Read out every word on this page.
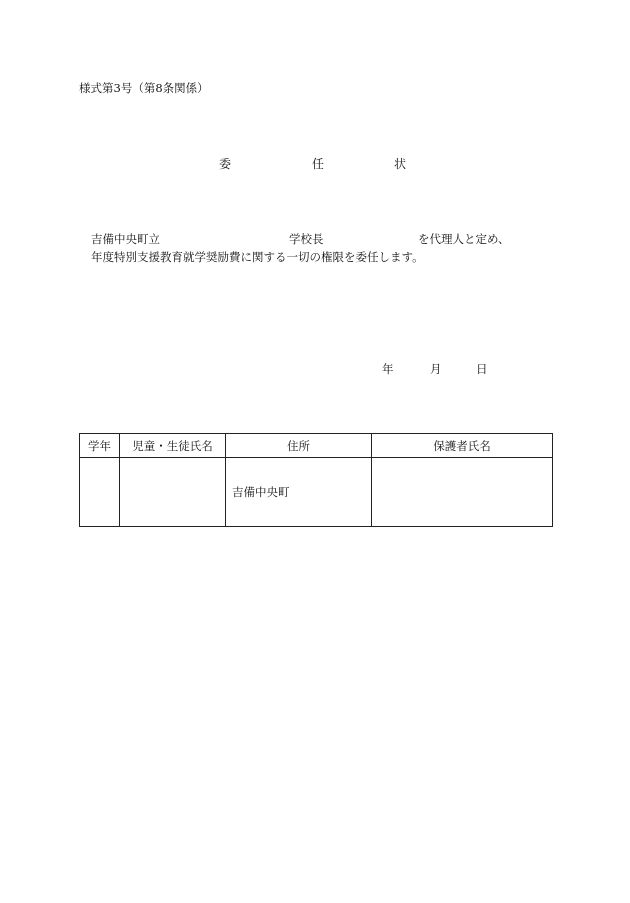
様式第3号（第8条関係）
委	任	状
吉備中央町立	学校長	を代理人と定め、
年度特別支援教育就学奨励費に関する一切の権限を委任します。
年	月	日
学年	児童・生徒氏名	住所	保護者氏名
		吉備中央町	
